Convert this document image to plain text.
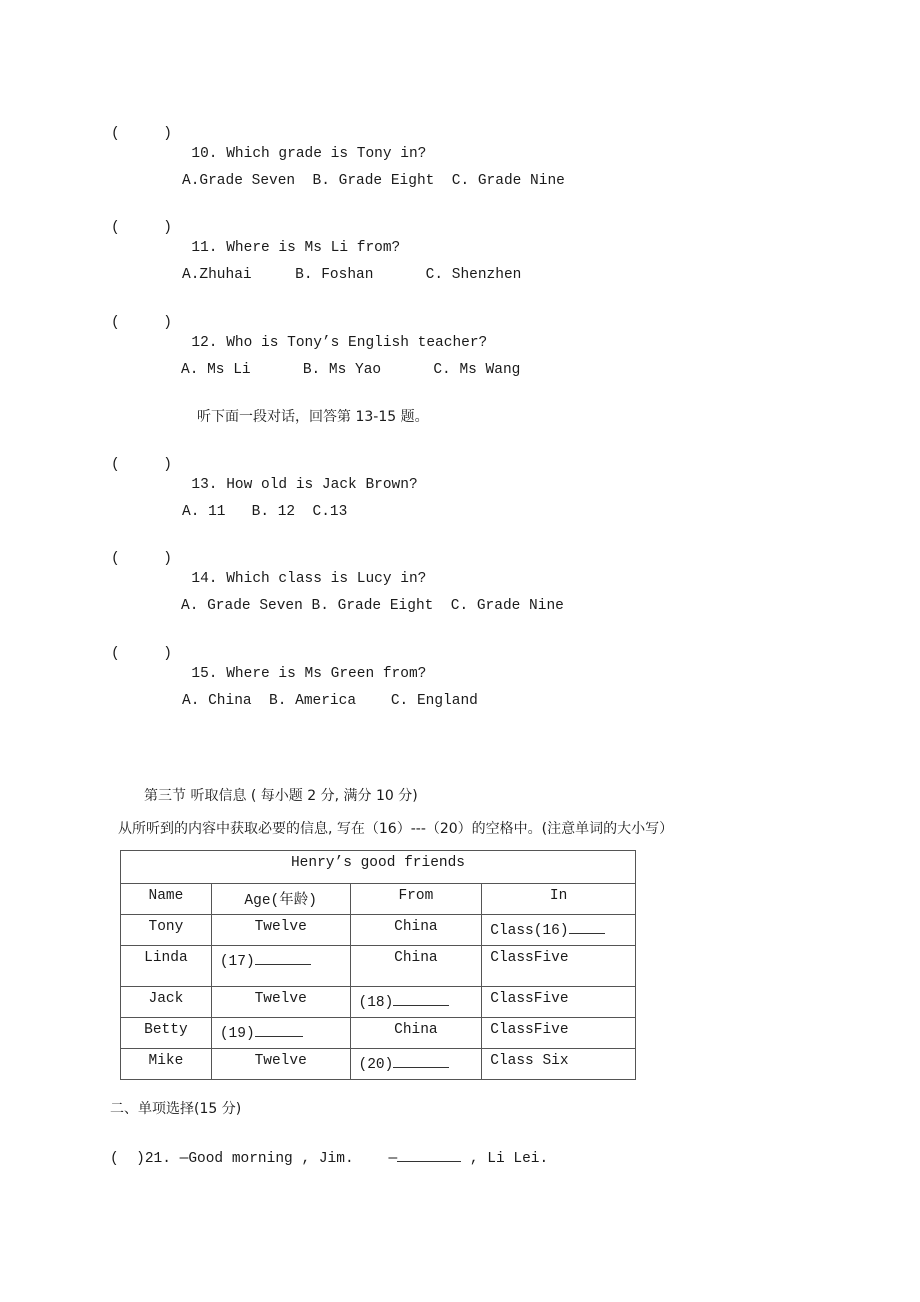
(     )

10. Which grade is Tony in?

A.Grade Seven  B. Grade Eight  C. Grade Nine
(     )

11. Where is Ms Li from?

A.Zhuhai     B. Foshan      C. Shenzhen
(     )

12. Who is Tony’s English teacher?

A. Ms Li      B. Ms Yao      C. Ms Wang
听下面一段对话，回答第 13-15 题。
(     )

13. How old is Jack Brown?

A. 11   B. 12  C.13
(     )

14. Which class is Lucy in?

A. Grade Seven B. Grade Eight  C. Grade Nine
(     )

15. Where is Ms Green from?

A. China  B. America    C. England
第三节 听取信息 ( 每小题 2 分, 满分 10 分)
从所听到的内容中获取必要的信息, 写在（16）---（20）的空格中。(注意单词的大小写）
Henry’s good friends			
Name	Age(年龄)	From	In
Tony	Twelve	China	Class(16)
Linda	(17)	China	ClassFive
Jack	Twelve	(18)	ClassFive
Betty	(19)	China	ClassFive
Mike	Twelve	(20)	Class Six
二、单项选择(15 分)
(  )21. —Good morning , Jim.    —	, Li Lei.
